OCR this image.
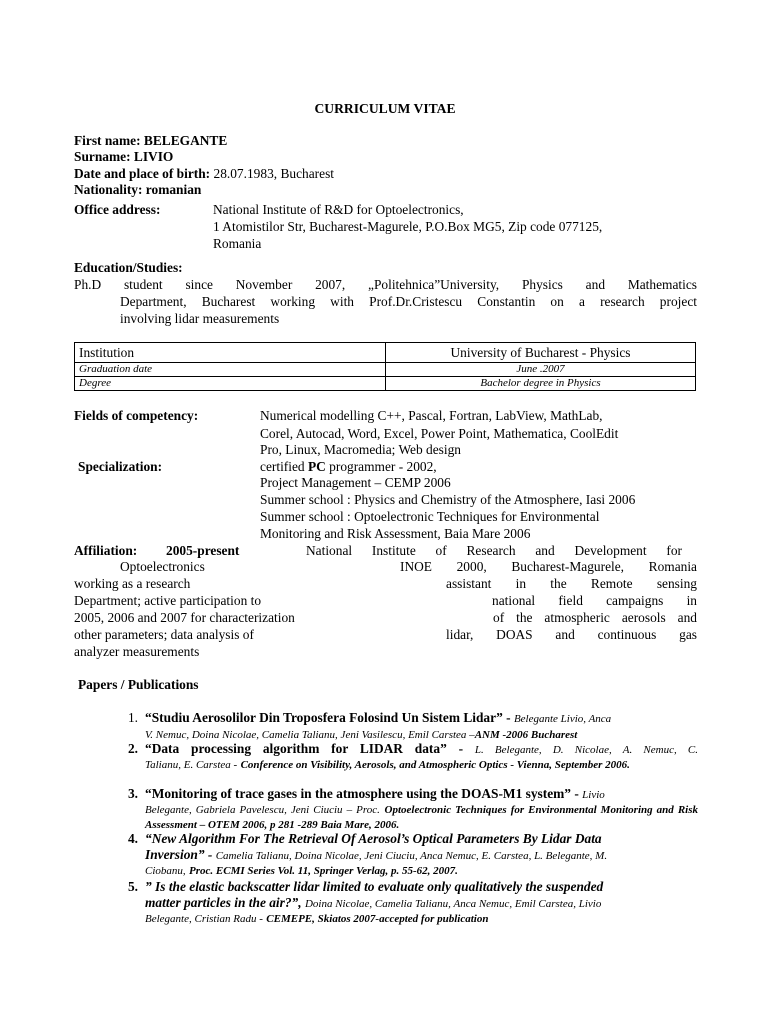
CURRICULUM VITAE
First name: BELEGANTE
Surname: LIVIO
Date and place of birth: 28.07.1983, Bucharest
Nationality: romanian
Office address:	National Institute of R&D for Optoelectronics,
1 Atomistilor Str, Bucharest-Magurele, P.O.Box MG5, Zip code 077125,
Romania
Education/Studies:
Ph.D student since November 2007, „Politehnica”University, Physics and Mathematics
Department, Bucharest working with Prof.Dr.Cristescu Constantin on a research project
involving lidar measurements
Institution	University of Bucharest - Physics
Graduation date	June .2007
Degree	Bachelor degree in Physics
Fields of competency:	Numerical modelling C++, Pascal, Fortran, LabView, MathLab,
Corel, Autocad, Word, Excel, Power Point, Mathematica, CoolEdit
Pro, Linux, Macromedia; Web design
Specialization:	certified PC programmer - 2002,
Project Management – CEMP 2006
Summer school : Physics and Chemistry of the Atmosphere, Iasi 2006
Summer school : Optoelectronic Techniques for Environmental
Monitoring and Risk Assessment, Baia Mare 2006
Affiliation: 2005-present	National Institute of Research and Development for
Optoelectronics	INOE 2000, Bucharest-Magurele, Romania
working as a research	assistant in the Remote sensing
Department; active participation to	national field campaigns in
2005, 2006 and 2007 for characterization	of the atmospheric aerosols and
other parameters; data analysis of	lidar, DOAS and continuous gas
analyzer measurements
Papers / Publications
1. “Studiu Aerosolilor Din Troposfera Folosind Un Sistem Lidar” - Belegante Livio, Anca

V. Nemuc, Doina Nicolae, Camelia Talianu, Jeni Vasilescu, Emil Carstea –ANM -2006 Bucharest

2. “Data processing algorithm for LIDAR data” - L. Belegante, D. Nicolae, A. Nemuc, C.

Talianu, E. Carstea - Conference on Visibility, Aerosols, and Atmospheric Optics - Vienna, September 2006.

3. “Monitoring of trace gases in the atmosphere using the DOAS-M1 system” - Livio

Belegante, Gabriela Pavelescu, Jeni Ciuciu – Proc. Optoelectronic Techniques for Environmental Monitoring and Risk Assessment – OTEM 2006, p 281 -289 Baia Mare, 2006.

4. “New Algorithm For The Retrieval Of Aerosol’s Optical Parameters By Lidar Data

Inversion” - Camelia Talianu, Doina Nicolae, Jeni Ciuciu, Anca Nemuc, E. Carstea, L. Belegante, M.

Ciobanu, Proc. ECMI Series Vol. 11, Springer Verlag, p. 55-62, 2007.

5. ” Is the elastic backscatter lidar limited to evaluate only qualitatively the suspended

matter particles in the air?”, Doina Nicolae, Camelia Talianu, Anca Nemuc, Emil Carstea, Livio

Belegante, Cristian Radu - CEMEPE, Skiatos 2007-accepted for publication
